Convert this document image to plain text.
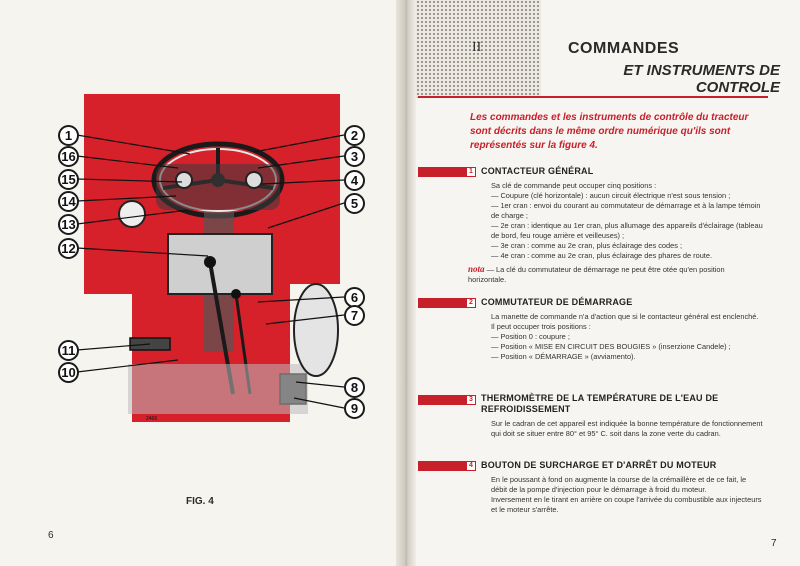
2466
1
16
15
14
13
12
11
10
2
3
4
5
6
7
8
9
FIG. 4
6
II	COMMANDES
ET INSTRUMENTS DE CONTROLE
Les commandes et les instruments de contrôle du tracteur sont décrits dans le même ordre numérique qu'ils sont représentés sur la figure 4.
1 CONTACTEUR GÉNÉRAL

Sa clé de commande peut occuper cinq positions :

— Coupure (clé horizontale) : aucun circuit électrique n'est sous tension ;

— 1er cran : envoi du courant au commutateur de démarrage et à la lampe témoin de charge ;

— 2e cran : identique au 1er cran, plus allumage des appareils d'éclairage (tableau de bord, feu rouge arrière et veilleuses) ;

— 3e cran : comme au 2e cran, plus éclairage des codes ;

— 4e cran : comme au 2e cran, plus éclairage des phares de route.

nota — La clé du commutateur de démarrage ne peut être otée qu'en position horizontale.
2 COMMUTATEUR DE DÉMARRAGE

La manette de commande n'a d'action que si le contacteur général est enclenché.

Il peut occuper trois positions :

— Position 0 : coupure ;

— Position « MISE EN CIRCUIT DES BOUGIES » (inserzione Candele) ;

— Position « DÉMARRAGE » (avviamento).

3 THERMOMÈTRE DE LA TEMPÉRATURE DE L'EAU DE REFROIDISSEMENT

Sur le cadran de cet appareil est indiquée la bonne température de fonctionnement qui doit se situer entre 80° et 95° C. soit dans la zone verte du cadran.

4 BOUTON DE SURCHARGE ET D'ARRÊT DU MOTEUR

En le poussant à fond on augmente la course de la crémaillère et de ce fait, le débit de la pompe d'injection pour le démarrage à froid du moteur.

Inversement en le tirant en arrière on coupe l'arrivée du combustible aux injecteurs et le moteur s'arrête.

7
